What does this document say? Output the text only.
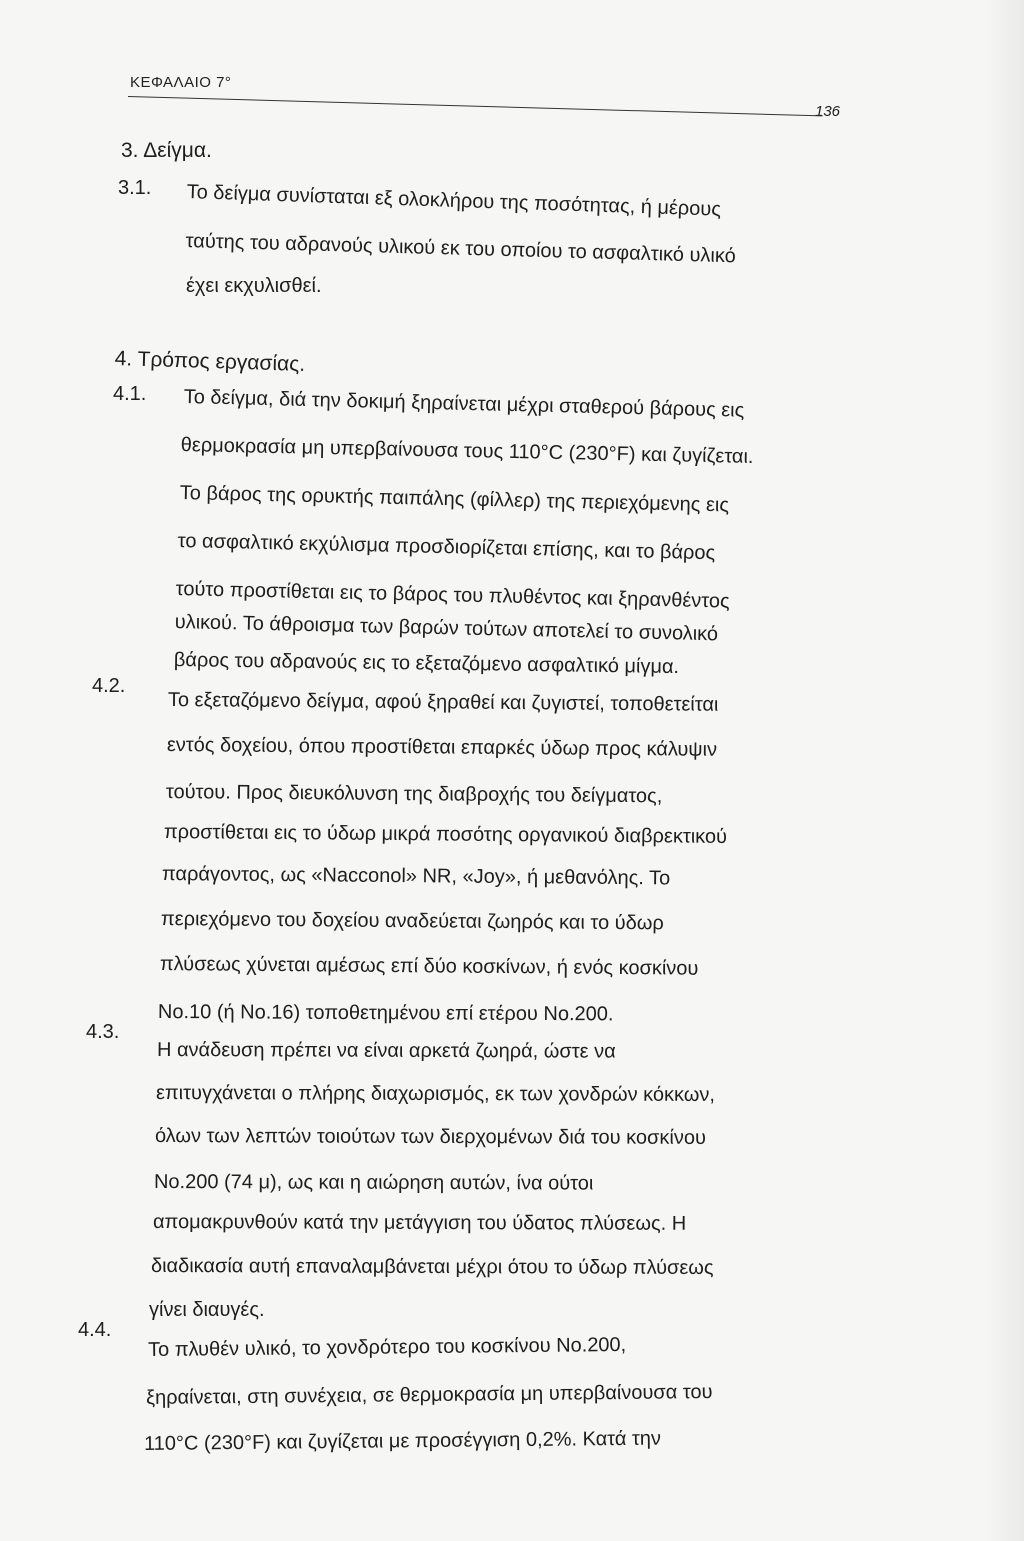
ΚΕΦΑΛΑΙΟ 7°
136
3. Δείγμα.
3.1. Το δείγμα συνίσταται εξ ολοκλήρου της ποσότητας, ή μέρους
ταύτης του αδρανούς υλικού εκ του οποίου το ασφαλτικό υλικό
έχει εκχυλισθεί.
4. Τρόπος εργασίας.
4.1. Το δείγμα, διά την δοκιμή ξηραίνεται μέχρι σταθερού βάρους εις
θερμοκρασία μη υπερβαίνουσα τους 110°C (230°F) και ζυγίζεται.
Το βάρος της ορυκτής παιπάλης (φίλλερ) της περιεχόμενης εις
το ασφαλτικό εκχύλισμα προσδιορίζεται επίσης, και το βάρος
τούτο προστίθεται εις το βάρος του πλυθέντος και ξηρανθέντος
υλικού. Το άθροισμα των βαρών τούτων αποτελεί το συνολικό
βάρος του αδρανούς εις το εξεταζόμενο ασφαλτικό μίγμα.
4.2.
Το εξεταζόμενο δείγμα, αφού ξηραθεί και ζυγιστεί, τοποθετείται
εντός δοχείου, όπου προστίθεται επαρκές ύδωρ προς κάλυψιν
τούτου. Προς διευκόλυνση της διαβροχής του δείγματος,
προστίθεται εις το ύδωρ μικρά ποσότης οργανικού διαβρεκτικού
παράγοντος, ως «Nacconol» NR, «Joy», ή μεθανόλης. Το
περιεχόμενο του δοχείου αναδεύεται ζωηρός και το ύδωρ
πλύσεως χύνεται αμέσως επί δύο κοσκίνων, ή ενός κοσκίνου
No.10 (ή No.16) τοποθετημένου επί ετέρου No.200.
4.3.
Η ανάδευση πρέπει να είναι αρκετά ζωηρά, ώστε να
επιτυγχάνεται ο πλήρης διαχωρισμός, εκ των χονδρών κόκκων,
όλων των λεπτών τοιούτων των διερχομένων διά του κοσκίνου
No.200 (74 μ), ως και η αιώρηση αυτών, ίνα ούτοι
απομακρυνθούν κατά την μετάγγιση του ύδατος πλύσεως. Η
διαδικασία αυτή επαναλαμβάνεται μέχρι ότου το ύδωρ πλύσεως
γίνει διαυγές.
4.4.
Το πλυθέν υλικό, το χονδρότερο του κοσκίνου No.200,
ξηραίνεται, στη συνέχεια, σε θερμοκρασία μη υπερβαίνουσα του
110°C (230°F) και ζυγίζεται με προσέγγιση 0,2%. Κατά την
